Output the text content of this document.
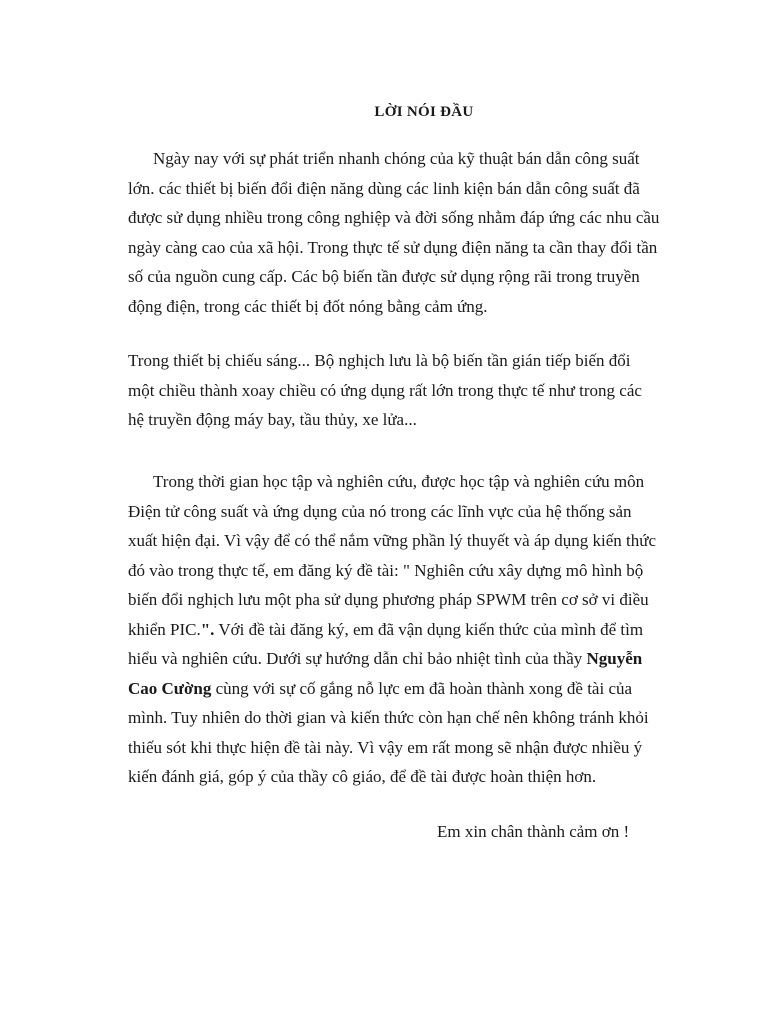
LỜI NÓI ĐẦU

Ngày nay với sự phát triển nhanh chóng của kỹ thuật bán dẫn công suất
lớn. các thiết bị biến đổi điện năng dùng các linh kiện bán dẫn công suất đã
được sử dụng nhiều trong công nghiệp và đời sống nhằm đáp ứng các nhu cầu
ngày càng cao của xã hội. Trong thực tế sử dụng điện năng ta cần thay đổi tần
số của nguồn cung cấp. Các bộ biến tần được sử dụng rộng rãi trong truyền
động điện, trong các thiết bị đốt nóng bằng cảm ứng.

Trong thiết bị chiếu sáng... Bộ nghịch lưu là bộ biến tần gián tiếp biến đổi
một chiều thành xoay chiều có ứng dụng rất lớn trong thực tế như trong các
hệ truyền động máy bay, tầu thủy, xe lửa...

Trong thời gian học tập và nghiên cứu, được học tập và nghiên cứu môn
Điện tử công suất và ứng dụng của nó trong các lĩnh vực của hệ thống sản
xuất hiện đại. Vì vậy để có thể nắm vững phần lý thuyết và áp dụng kiến thức
đó vào trong thực tế, em đăng ký đề tài: " Nghiên cứu xây dựng mô hình bộ
biến đổi nghịch lưu một pha sử dụng phương pháp SPWM trên cơ sở vi điều
khiển PIC.". Với đề tài đăng ký, em đã vận dụng kiến thức của mình để tìm
hiểu và nghiên cứu. Dưới sự hướng dẫn chỉ bảo nhiệt tình của thầy Nguyễn
Cao Cường cùng với sự cố gắng nỗ lực em đã hoàn thành xong đề tài của
mình. Tuy nhiên do thời gian và kiến thức còn hạn chế nên không tránh khỏi
thiếu sót khi thực hiện đề tài này. Vì vậy em rất mong sẽ nhận được nhiều ý
kiến đánh giá, góp ý của thầy cô giáo, để đề tài được hoàn thiện hơn.

Em xin chân thành cảm ơn !
